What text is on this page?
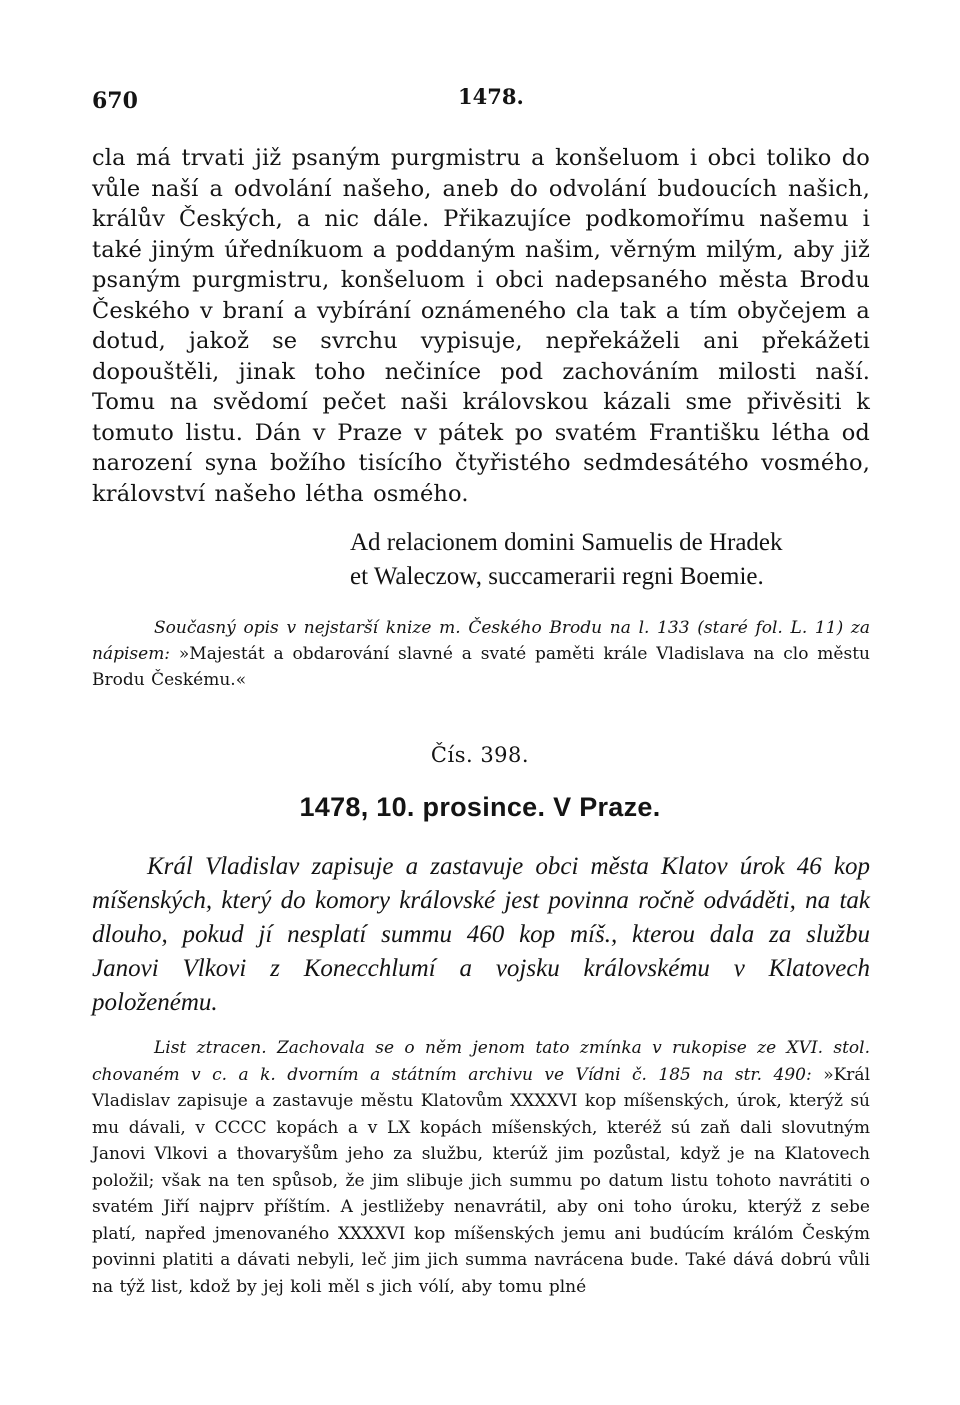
670	1478.
cla má trvati již psaným purgmistru a konšeluom i obci toliko do vůle naší a odvolání našeho, aneb do odvolání budoucích našich, králův Českých, a nic dále. Přikazujíce podkomořímu našemu i také jiným úředníkuom a poddaným našim, věrným milým, aby již psaným purgmistru, konšeluom i obci nadepsaného města Brodu Českého v braní a vybírání oznámeného cla tak a tím obyčejem a dotud, jakož se svrchu vypisuje, nepřekáželi ani překážeti dopouštěli, jinak toho nečiníce pod zachováním milosti naší. Tomu na svědomí pečet naši královskou kázali sme přivěsiti k tomuto listu. Dán v Praze v pátek po svatém Františku létha od narození syna božího tisícího čtyřistého sedmdesátého vosmého, království našeho létha osmého.
Ad relacionem domini Samuelis de Hradek
et Waleczow, succamerarii regni Boemie.
Současný opis v nejstarší knize m. Českého Brodu na l. 133 (staré fol. L. 11) za nápisem: »Majestát a obdarování slavné a svaté paměti krále Vladislava na clo městu Brodu Českému.«
Čís. 398.
1478, 10. prosince. V Praze.
Král Vladislav zapisuje a zastavuje obci města Klatov úrok 46 kop míšenských, který do komory královské jest povinna ročně odváděti, na tak dlouho, pokud jí nesplatí summu 460 kop míš., kterou dala za službu Janovi Vlkovi z Konecchlumí a vojsku královskému v Klatovech položenému.
List ztracen. Zachovala se o něm jenom tato zmínka v rukopise ze XVI. stol. chovaném v c. a k. dvorním a státním archivu ve Vídni č. 185 na str. 490: »Král Vladislav zapisuje a zastavuje městu Klatovům XXXXVI kop míšenských, úrok, kterýž sú mu dávali, v CCCC kopách a v LX kopách míšenských, kteréž sú zaň dali slovutným Janovi Vlkovi a thovaryšům jeho za službu, kterúž jim pozůstal, když je na Klatovech položil; však na ten spůsob, že jim slibuje jich summu po datum listu tohoto navrátiti o svatém Jiří najprv příštím. A jestližeby nenavrátil, aby oni toho úroku, kterýž z sebe platí, napřed jmenovaného XXXXVI kop míšenských jemu ani budúcím králóm Českým povinni platiti a dávati nebyli, leč jim jich summa navrácena bude. Také dává dobrú vůli na týž list, kdož by jej koli měl s jich vólí, aby tomu plné
